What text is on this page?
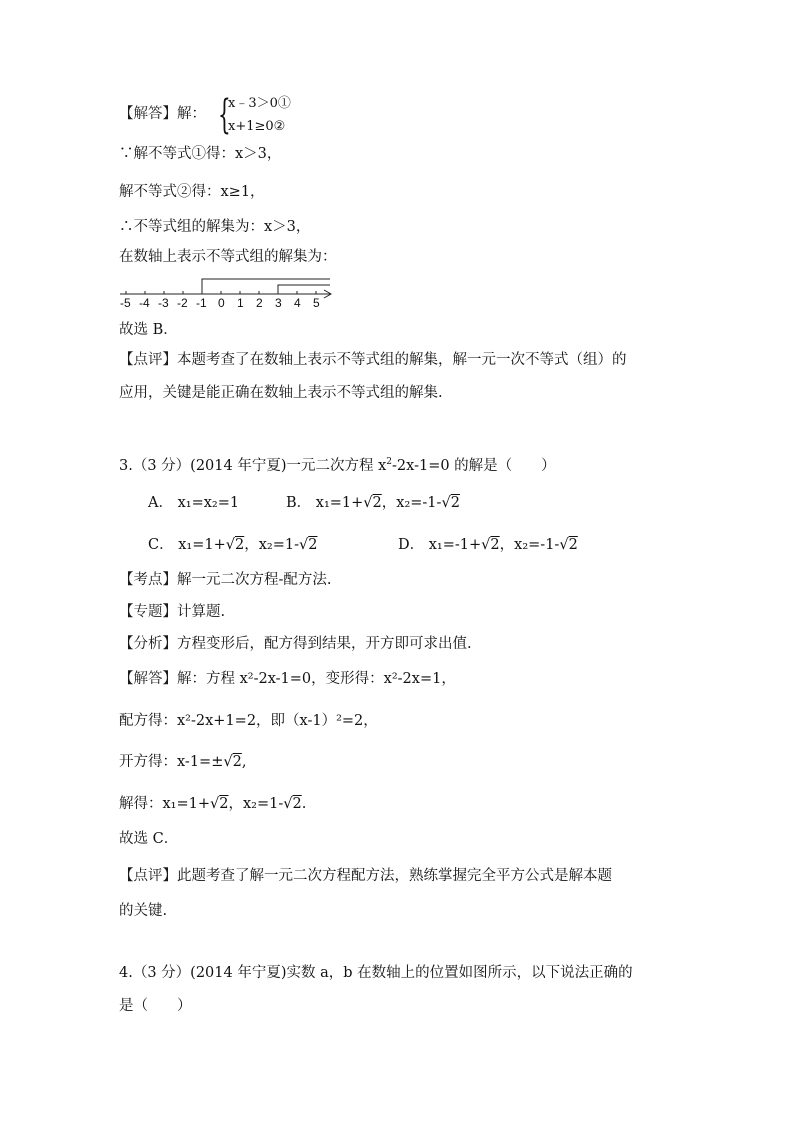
【解答】解： {
x﹣3＞0①
x+1≥0②
∵解不等式①得：x＞3，
解不等式②得：x≥1，
∴不等式组的解集为：x＞3，
在数轴上表示不等式组的解集为：
-5 -4 -3 -2 -1 0 1 2 3 4 5
故选 B．
【点评】本题考查了在数轴上表示不等式组的解集，解一元一次不等式（组）的
应用，关键是能正确在数轴上表示不等式组的解集.
3.（3 分）(2014 年宁夏)一元二次方程 $x^2-2x-1=0$ 的解是（　　）
A． x₁=x₂=1	B． x₁=1+√2，x₂=-1-√2
C． x₁=1+√2，x₂=1-√2	D． x₁=-1+√2，x₂=-1-√2
【考点】解一元二次方程-配方法.
【专题】计算题.
【分析】方程变形后，配方得到结果，开方即可求出值.
【解答】解：方程 x²-2x-1=0，变形得：x²-2x=1，
配方得：x²-2x+1=2，即（x-1）²=2，
开方得：x-1=±√2,
解得：x₁=1+√2，x₂=1-√2.
故选 C．
【点评】此题考查了解一元二次方程配方法，熟练掌握完全平方公式是解本题
的关键.
4.（3 分）(2014 年宁夏)实数 a，b 在数轴上的位置如图所示，以下说法正确的
是（　　）
